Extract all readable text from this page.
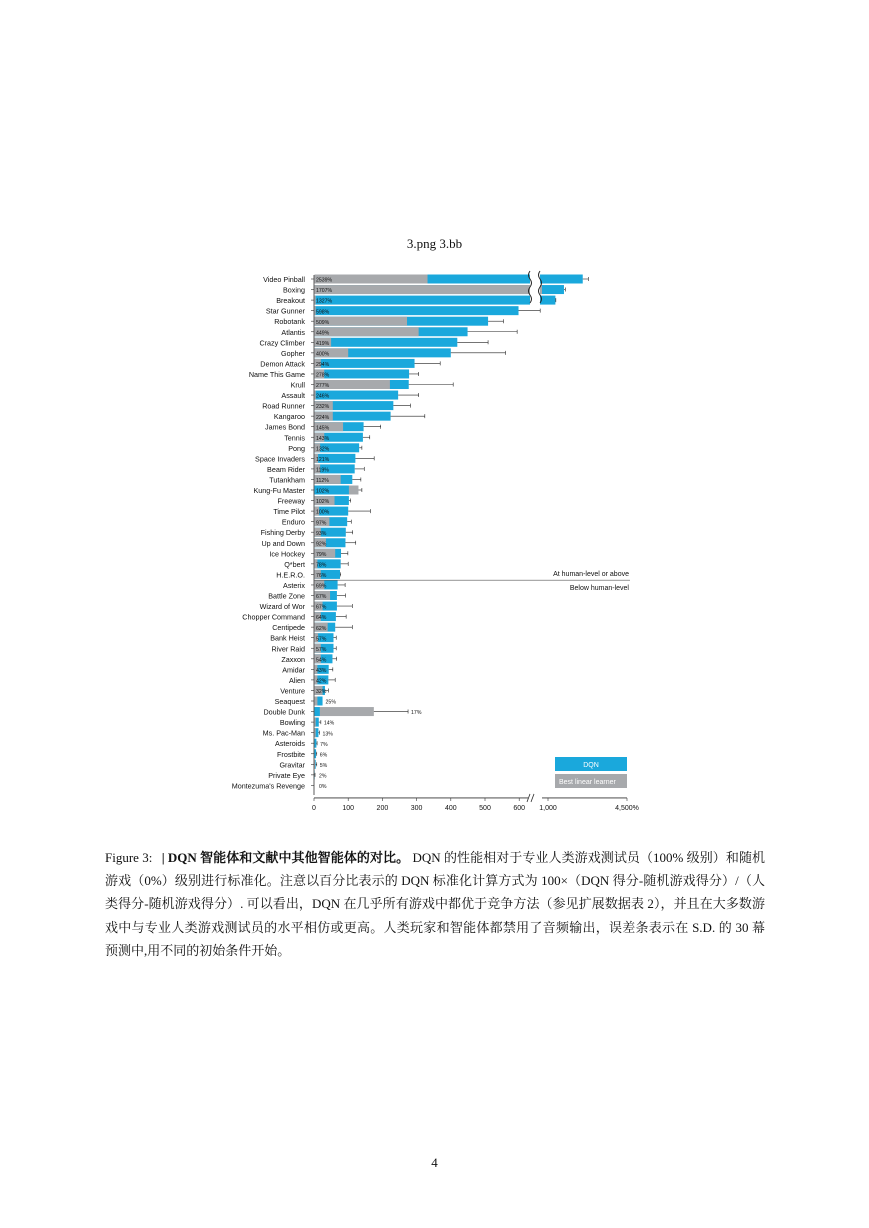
3.png 3.bb
Video Pinball 2539%
Boxing 1707%
Breakout 1327%
Star Gunner 598%
Robotank 509%
Atlantis 449%
Crazy Climber 419%
Gopher 400%
Demon Attack 294%
Name This Game 278%
Krull 277%
Assault 246%
Road Runner 232%
Kangaroo 224%
James Bond 145%
Tennis 143%
Pong 132%
Space Invaders 121%
Beam Rider 119%
Tutankham 112%
Kung-Fu Master 102%
Freeway 102%
Time Pilot 100%
Enduro 97%
Fishing Derby 93%
Up and Down 92%
Ice Hockey 79%
Q*bert 78%
H.E.R.O. 76%
Asterix 69%
Battle Zone 67%
Wizard of Wor 67%
Chopper Command 64%
Centipede 62%
Bank Heist 57%
River Raid 57%
Zaxxon 54%
Amidar 43%
Alien 42%
Venture 32%
Seaquest	25%
Double Dunk	17%
Bowling	14%
Ms. Pac-Man	13%
Asteroids	7%
Frostbite	6%
Gravitar	5%
Private Eye	2%
Montezuma's Revenge	0%
At human-level or above
Below human-level
0	100	200	300	400	500	600 1,000	4,500%
DQN
Best linear learner
Figure 3: | DQN 智能体和文献中其他智能体的对比。 DQN 的性能相对于专业人类游戏测试员（100% 级别）和随机游戏（0%）级别进行标准化。注意以百分比表示的 DQN 标准化计算方式为 100×（DQN 得分-随机游戏得分）/（人类得分-随机游戏得分）. 可以看出，DQN 在几乎所有游戏中都优于竞争方法（参见扩展数据表 2），并且在大多数游戏中与专业人类游戏测试员的水平相仿或更高。人类玩家和智能体都禁用了音频输出，误差条表示在 S.D. 的 30 幕预测中,用不同的初始条件开始。
4
